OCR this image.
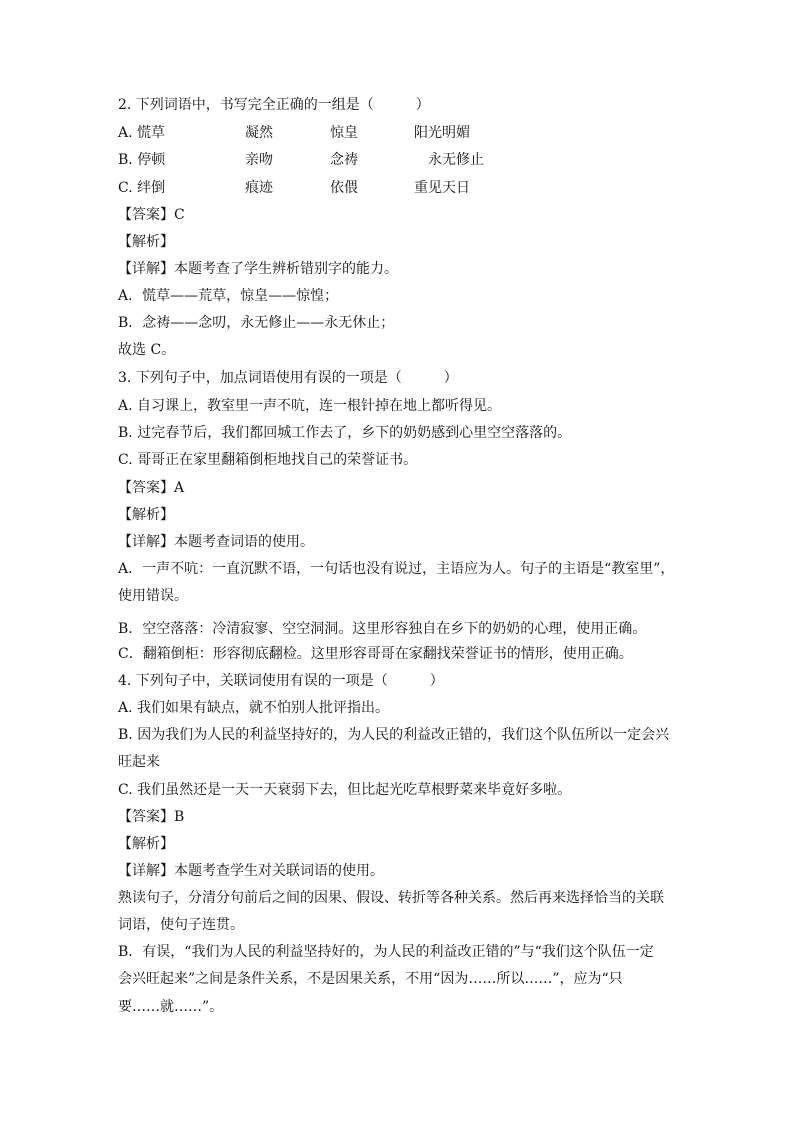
2. 下列词语中，书写完全正确的一组是（　　　）
A. 慌草	凝然	惊皇	阳光明媚
B. 停顿	亲吻	念祷	永无修止
C. 绊倒	痕迹	依偎	重见天日
【答案】C
【解析】
【详解】本题考查了学生辨析错别字的能力。
A．慌草——荒草，惊皇——惊惶；
B．念祷——念叨，永无修止——永无休止；
故选 C。
3. 下列句子中，加点词语使用有误的一项是（　　　）
A. 自习课上，教室里一声不吭，连一根针掉在地上都听得见。
B. 过完春节后，我们都回城工作去了，乡下的奶奶感到心里空空落落的。
C. 哥哥正在家里翻箱倒柜地找自己的荣誉证书。
【答案】A
【解析】
【详解】本题考查词语的使用。
A．一声不吭：一直沉默不语，一句话也没有说过，主语应为人。句子的主语是“教室里”，
使用错误。
B．空空落落：冷清寂寥、空空洞洞。这里形容独自在乡下的奶奶的心理，使用正确。
C．翻箱倒柜：形容彻底翻检。这里形容哥哥在家翻找荣誉证书的情形，使用正确。
4. 下列句子中，关联词使用有误的一项是（　　　）
A. 我们如果有缺点，就不怕别人批评指出。
B. 因为我们为人民的利益坚持好的，为人民的利益改正错的，我们这个队伍所以一定会兴
旺起来
C. 我们虽然还是一天一天衰弱下去，但比起光吃草根野菜来毕竟好多啦。
【答案】B
【解析】
【详解】本题考查学生对关联词语的使用。
熟读句子，分清分句前后之间的因果、假设、转折等各种关系。然后再来选择恰当的关联
词语，使句子连贯。
B．有误，“我们为人民的利益坚持好的，为人民的利益改正错的”与“我们这个队伍一定
会兴旺起来”之间是条件关系，不是因果关系，不用“因为……所以……”，应为“只
要……就……”。
